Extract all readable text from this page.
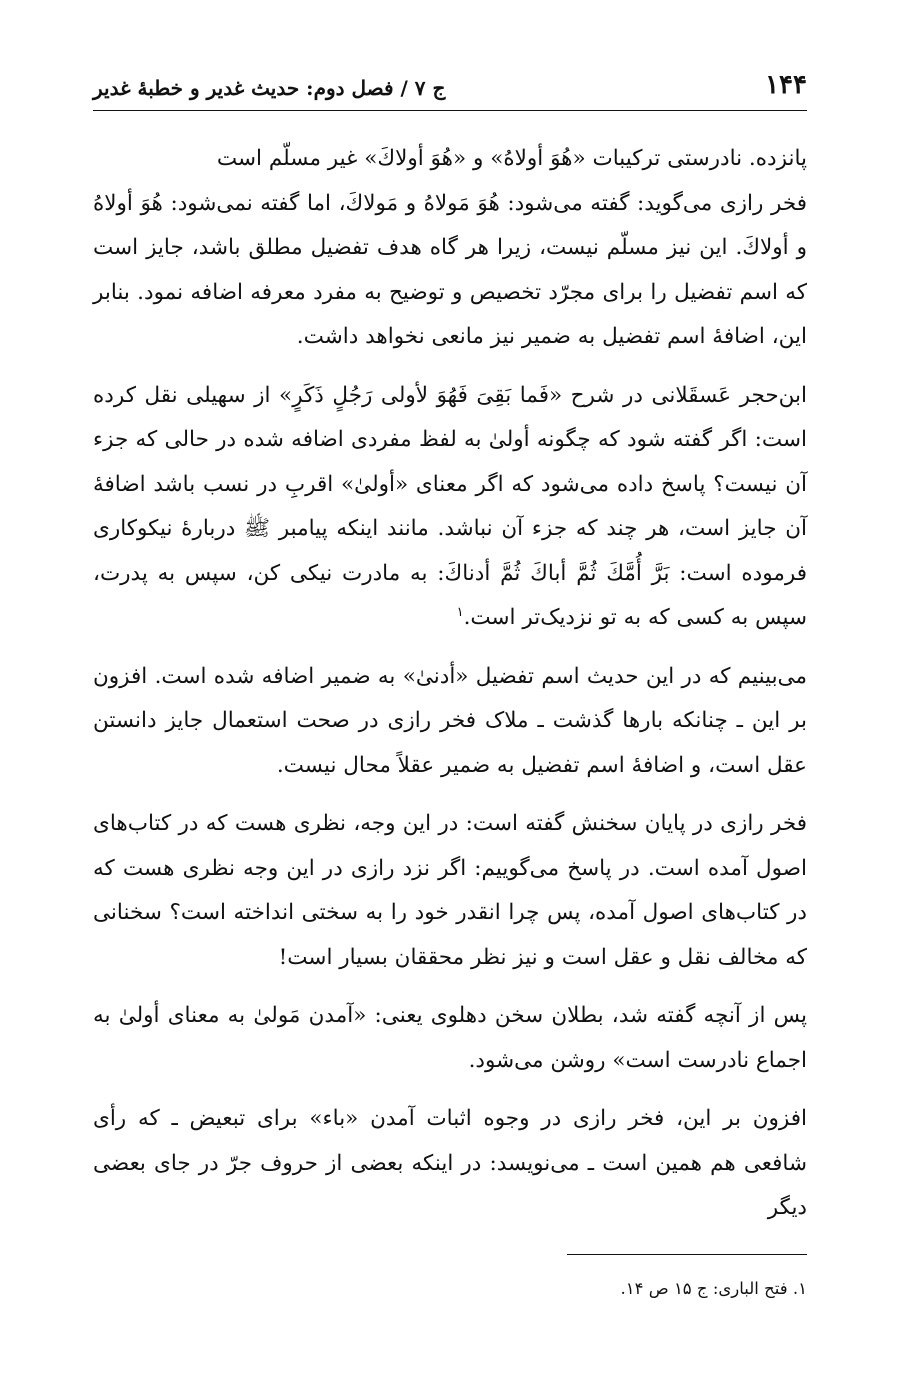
۱۴۴
ج ۷ / فصل دوم: حدیث غدیر و خطبهٔ غدیر

پانزده. نادرستی ترکیبات «هُوَ أولاهُ» و «هُوَ أولاكَ» غیر مسلّم است

فخر رازی می‌گوید: گفته می‌شود: هُوَ مَولاهُ و مَولاكَ، اما گفته نمی‌شود: هُوَ أولاهُ و أولاكَ. این نیز مسلّم نیست، زیرا هر گاه هدف تفضیل مطلق باشد، جایز است که اسم تفضیل را برای مجرّد تخصیص و توضیح به مفرد معرفه اضافه نمود. بنابر این، اضافهٔ اسم تفضیل به ضمیر نیز مانعی نخواهد داشت.

ابن‌حجر عَسقَلانی در شرح «فَما بَقِیَ فَهُوَ لأولی رَجُلٍ ذَکَرٍ» از سهیلی نقل کرده است: اگر گفته شود که چگونه أولیٰ به لفظ مفردی اضافه شده در حالی که جزء آن نیست؟ پاسخ داده می‌شود که اگر معنای «أولیٰ» اقربِ در نسب باشد اضافهٔ آن جایز است، هر چند که جزء آن نباشد. مانند اینکه پیامبر ﷺ دربارهٔ نیکوکاری فرموده است: بَرَّ أُمَّكَ ثُمَّ أباكَ ثُمَّ أدناكَ: به مادرت نیکی کن، سپس به پدرت، سپس به کسی که به تو نزدیک‌تر است.$^۱$

می‌بینیم که در این حدیث اسم تفضیل «أدنیٰ» به ضمیر اضافه شده است. افزون بر این ـ چنانکه بارها گذشت ـ ملاک فخر رازی در صحت استعمال جایز دانستن عقل است، و اضافهٔ اسم تفضیل به ضمیر عقلاً محال نیست.

فخر رازی در پایان سخنش گفته است: در این وجه، نظری هست که در کتاب‌های اصول آمده است. در پاسخ می‌گوییم: اگر نزد رازی در این وجه نظری هست که در کتاب‌های اصول آمده، پس چرا انقدر خود را به سختی انداخته است؟ سخنانی که مخالف نقل و عقل است و نیز نظر محققان بسیار است!

پس از آنچه گفته شد، بطلان سخن دهلوی یعنی: «آمدن مَولیٰ به معنای أولیٰ به اجماع نادرست است» روشن می‌شود.

افزون بر این، فخر رازی در وجوه اثبات آمدن «باء» برای تبعیض ـ که رأی شافعی هم همین است ـ می‌نویسد: در اینکه بعضی از حروف جرّ در جای بعضی دیگر

۱. فتح الباری: ج ۱۵ ص ۱۴.
